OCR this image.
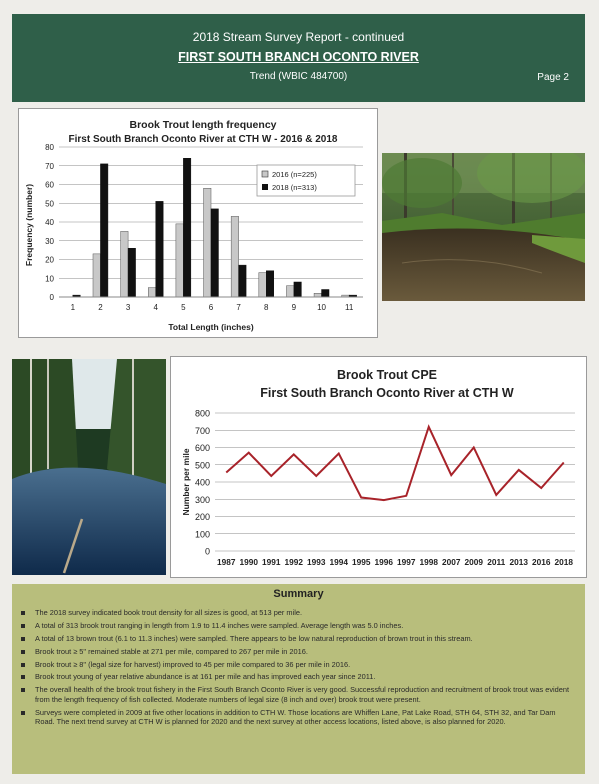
2018 Stream Survey Report - continued
FIRST SOUTH BRANCH OCONTO RIVER
Trend (WBIC 484700)	Page 2
Brook Trout length frequency
First South Branch Oconto River at CTH W - 2016 & 2018
0
10
20
30
40
50
60
70
80
1	2	3	4	5	6	7	8	9	10 11
Total Length (inches)
Frequency (number)
2016 (n=225)
2018 (n=313)
Brook Trout CPE
First South Branch Oconto River at CTH W
0
100
200
300
400
500
600
700
800
1987 1990 1991 1992 1993 1994 1995 1996 1997 1998 2007 2009 2011 2013 2016 2018
Number per mile
Summary
The 2018 survey indicated book trout density for all sizes is good, at 513 per mile.
A total of 313 brook trout ranging in length from 1.9 to 11.4 inches were sampled. Average length was 5.0 inches.
A total of 13 brown trout (6.1 to 11.3 inches) were sampled. There appears to be low natural reproduction of brown trout in this stream.
Brook trout ≥ 5" remained stable at 271 per mile, compared to 267 per mile in 2016.
Brook trout ≥ 8" (legal size for harvest) improved to 45 per mile compared to 36 per mile in 2016.
Brook trout young of year relative abundance is at 161 per mile and has improved each year since 2011.
The overall health of the brook trout fishery in the First South Branch Oconto River is very good. Successful reproduction and recruitment of brook trout was evident from the length frequency of fish collected. Moderate numbers of legal size (8 inch and over) brook trout were present.
Surveys were completed in 2009 at five other locations in addition to CTH W. Those locations are Whiffen Lane, Pat Lake Road, STH 64, STH 32, and Tar Dam Road. The next trend survey at CTH W is planned for 2020 and the next survey at other access locations, listed above, is also planned for 2020.
